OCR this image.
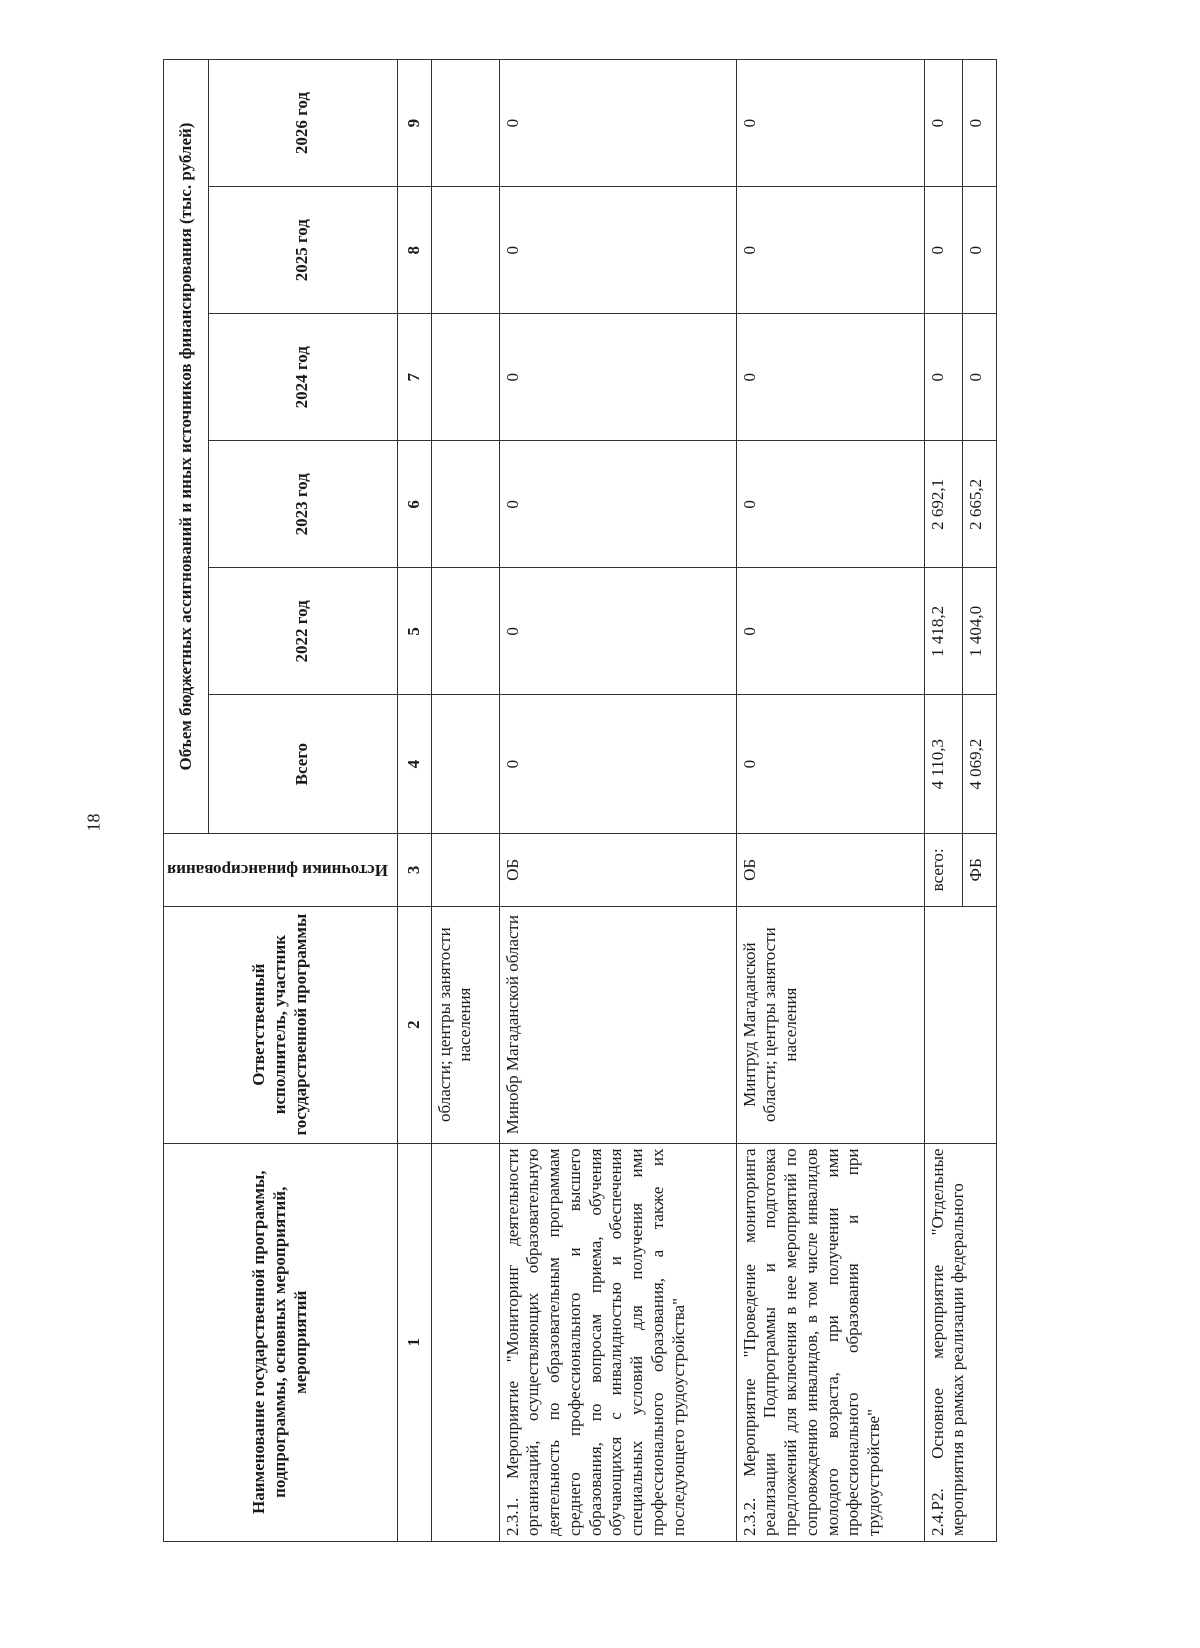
18
Наименование государственной программы, подпрограммы, основных мероприятий, мероприятий	Ответственный исполнитель, участник государственной программы	Источники финансирования	Объем бюджетных ассигнований и иных источников финансирования (тыс. рублей)					
			Всего	2022 год	2023 год	2024 год	2025 год	2026 год
1	2	3	4	5	6	7	8	9
	области; центры занятости населения							
2.3.1. Мероприятие "Мониторинг деятельности организаций, осуществляющих образовательную деятельность по образовательным программам среднего профессионального и высшего образования, по вопросам приема, обучения обучающихся с инвалидностью и обеспечения специальных условий для получения ими профессионального образования, а также их последующего трудоустройства"	Минобр Магаданской области	ОБ	0	0	0	0	0	0
2.3.2. Мероприятие "Проведение мониторинга реализации Подпрограммы и подготовка предложений для включения в нее мероприятий по сопровождению инвалидов, в том числе инвалидов молодого возраста, при получении ими профессионального образования и при трудоустройстве"	Минтруд Магаданской области; центры занятости населения	ОБ	0	0	0	0	0	0
2.4.Р2. Основное мероприятие "Отдельные мероприятия в рамках реализации федерального		всего:	4 110,3	1 418,2	2 692,1	0	0	0
		ФБ	4 069,2	1 404,0	2 665,2	0	0	0
